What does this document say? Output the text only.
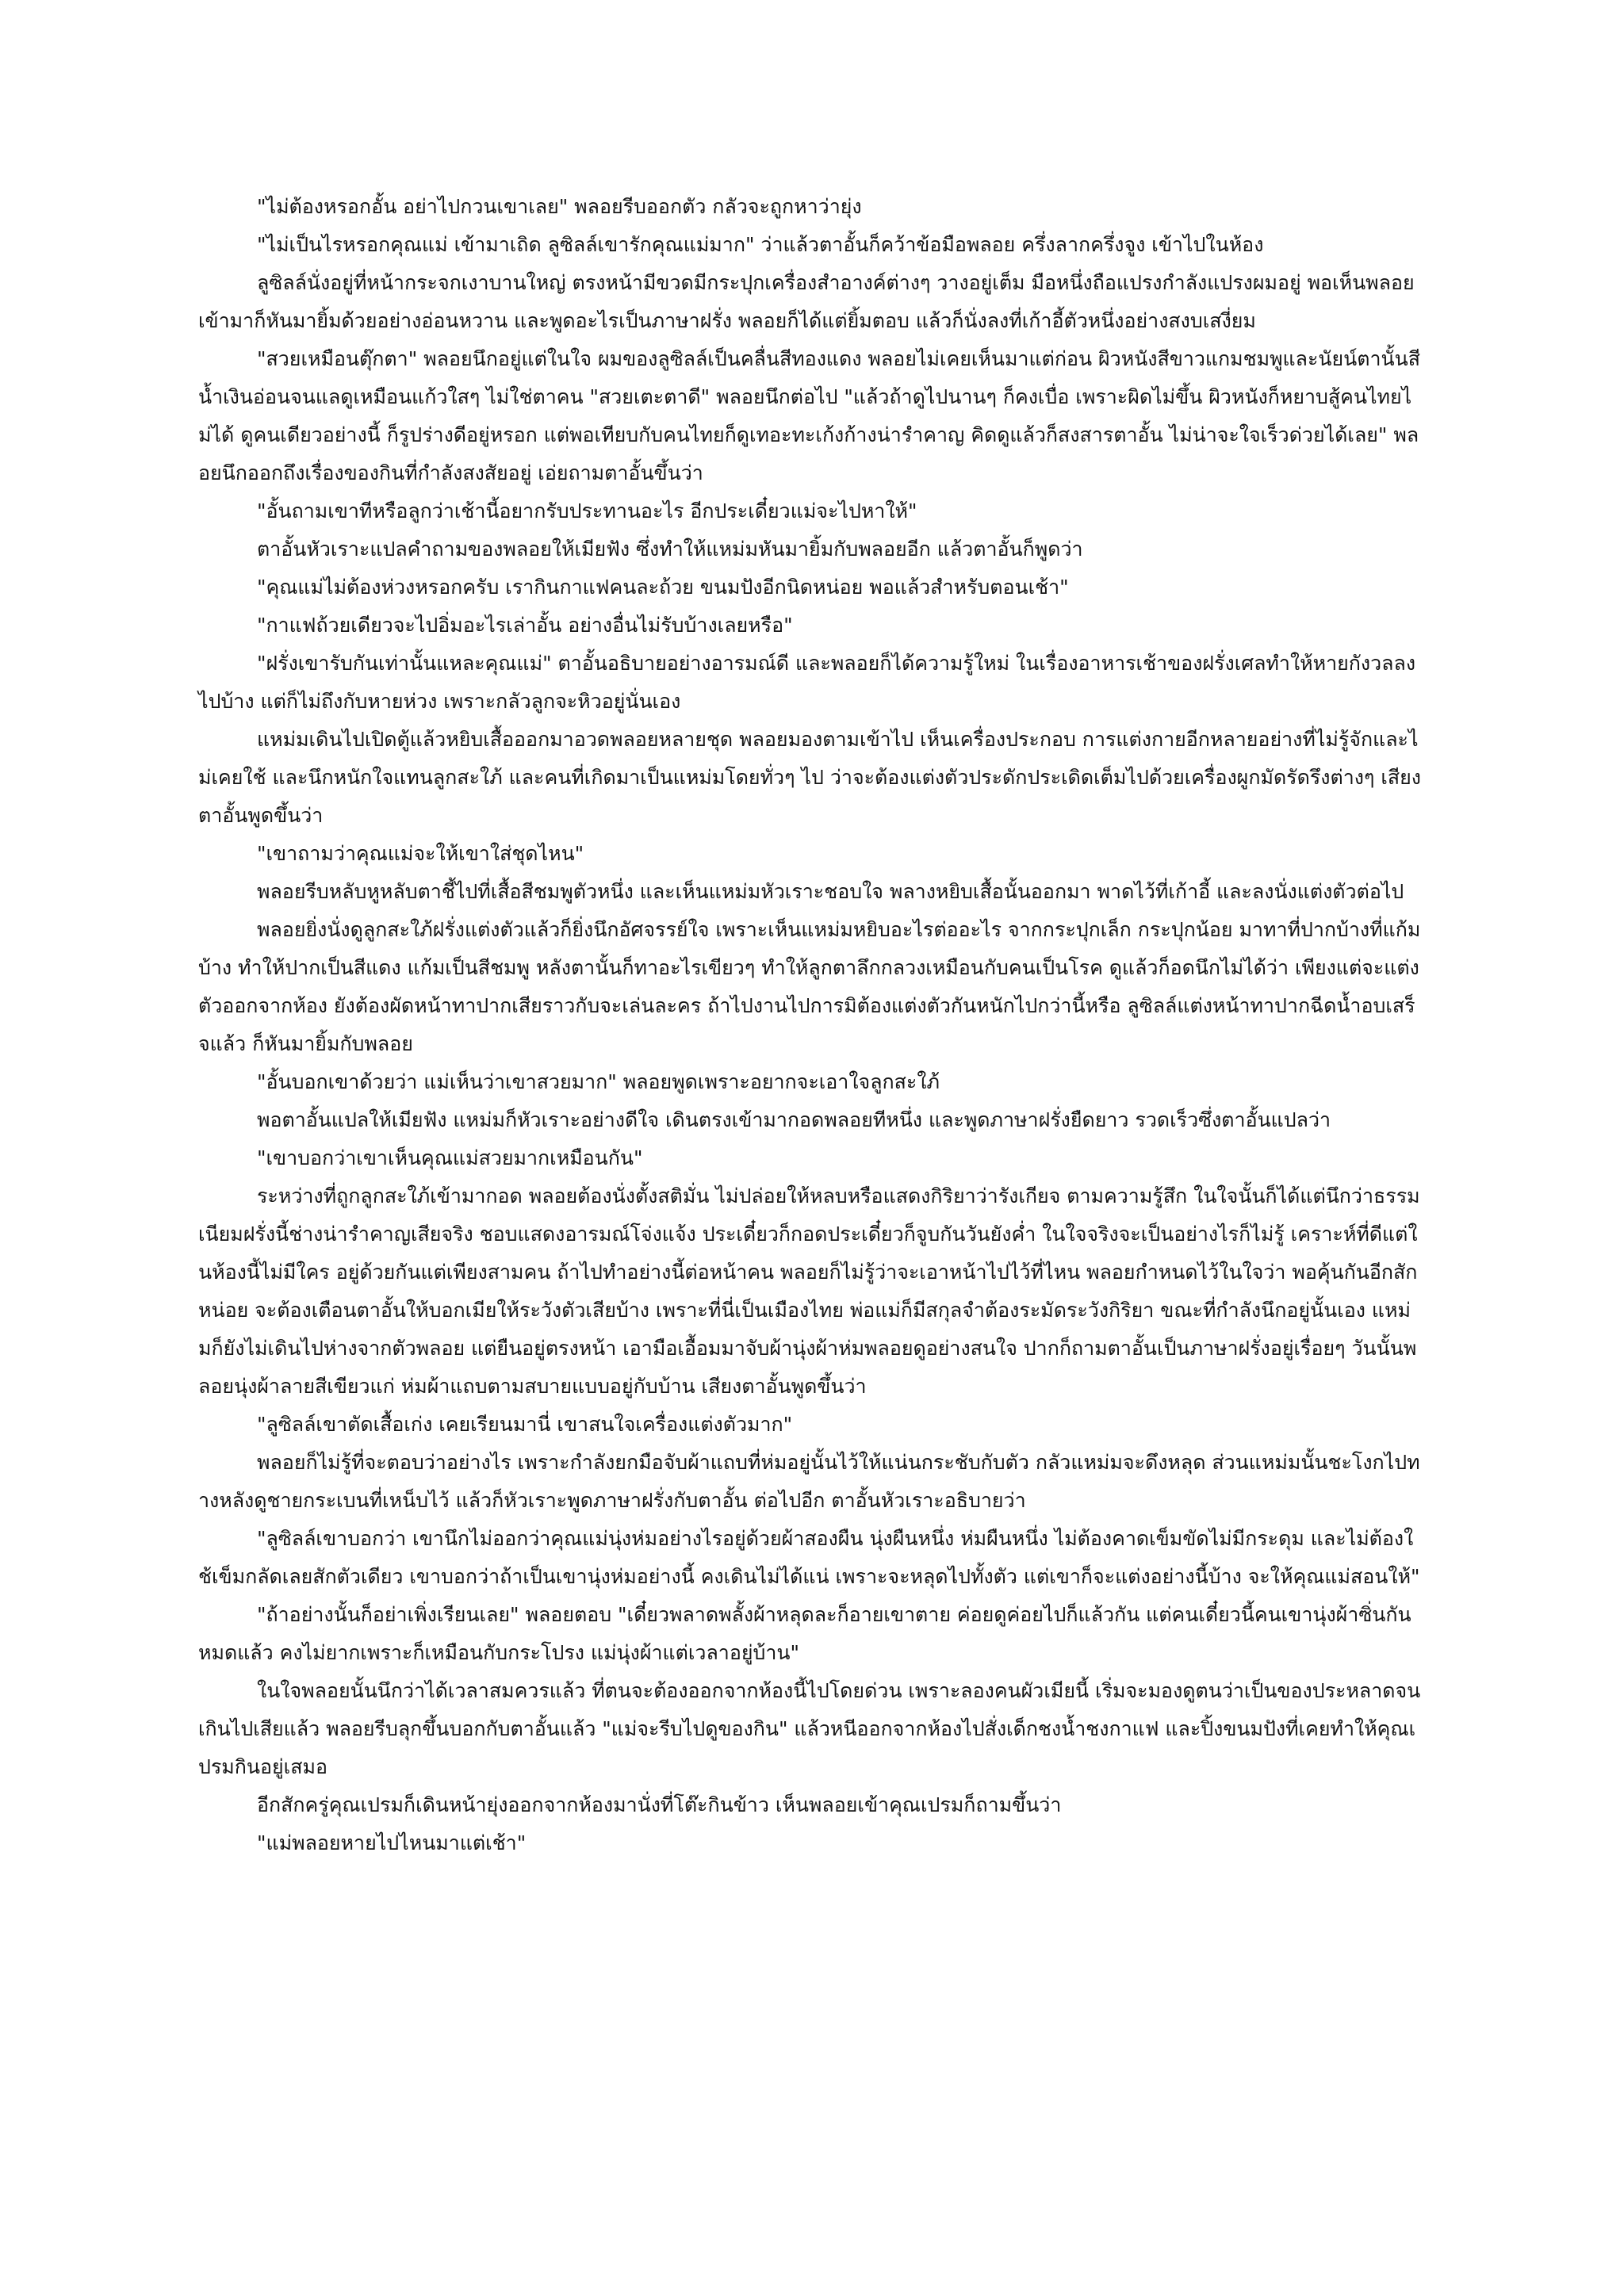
"ไม่ต้องหรอกอั้น อย่าไปกวนเขาเลย" พลอยรีบออกตัว กลัวจะถูกหาว่ายุ่ง

"ไม่เป็นไรหรอกคุณแม่ เข้ามาเถิด ลูซิลล์เขารักคุณแม่มาก" ว่าแล้วตาอั้นก็คว้าข้อมือพลอย ครึ่งลากครึ่งจูง เข้าไปในห้อง

ลูซิลล์นั่งอยู่ที่หน้ากระจกเงาบานใหญ่ ตรงหน้ามีขวดมีกระปุกเครื่องสำอางค์ต่างๆ วางอยู่เต็ม มือหนึ่งถือแปรงกำลังแปรงผมอยู่ พอเห็นพลอยเข้ามาก็หันมายิ้มด้วยอย่างอ่อนหวาน และพูดอะไรเป็นภาษาฝรั่ง พลอยก็ได้แต่ยิ้มตอบ แล้วก็นั่งลงที่เก้าอี้ตัวหนึ่งอย่างสงบเสงี่ยม

"สวยเหมือนตุ๊กตา" พลอยนึกอยู่แต่ในใจ ผมของลูซิลล์เป็นคลื่นสีทองแดง พลอยไม่เคยเห็นมาแต่ก่อน ผิวหนังสีขาวแกมชมพูและนัยน์ตานั้นสีน้ำเงินอ่อนจนแลดูเหมือนแก้วใสๆ ไม่ใช่ตาคน "สวยเตะตาดี" พลอยนึกต่อไป "แล้วถ้าดูไปนานๆ ก็คงเบื่อ เพราะผิดไม่ขึ้น ผิวหนังก็หยาบสู้คนไทยไม่ได้ ดูคนเดียวอย่างนี้ ก็รูปร่างดีอยู่หรอก แต่พอเทียบกับคนไทยก็ดูเทอะทะเก้งก้างน่ารำคาญ คิดดูแล้วก็สงสารตาอั้น ไม่น่าจะใจเร็วด่วยได้เลย" พลอยนึกออกถึงเรื่องของกินที่กำลังสงสัยอยู่ เอ่ยถามตาอั้นขึ้นว่า

"อั้นถามเขาทีหรือลูกว่าเช้านี้อยากรับประทานอะไร อีกประเดี๋ยวแม่จะไปหาให้"

ตาอั้นหัวเราะแปลคำถามของพลอยให้เมียฟัง ซึ่งทำให้แหม่มหันมายิ้มกับพลอยอีก แล้วตาอั้นก็พูดว่า

"คุณแม่ไม่ต้องห่วงหรอกครับ เรากินกาแฟคนละถ้วย ขนมปังอีกนิดหน่อย พอแล้วสำหรับตอนเช้า"

"กาแฟถ้วยเดียวจะไปอิ่มอะไรเล่าอั้น อย่างอื่นไม่รับบ้างเลยหรือ"

"ฝรั่งเขารับกันเท่านั้นแหละคุณแม่" ตาอั้นอธิบายอย่างอารมณ์ดี และพลอยก็ได้ความรู้ใหม่ ในเรื่องอาหารเช้าของฝรั่งเศลทำให้หายกังวลลงไปบ้าง แต่ก็ไม่ถึงกับหายห่วง เพราะกลัวลูกจะหิวอยู่นั่นเอง

แหม่มเดินไปเปิดตู้แล้วหยิบเสื้อออกมาอวดพลอยหลายชุด พลอยมองตามเข้าไป เห็นเครื่องประกอบ การแต่งกายอีกหลายอย่างที่ไม่รู้จักและไม่เคยใช้ และนึกหนักใจแทนลูกสะใภ้ และคนที่เกิดมาเป็นแหม่มโดยทั่วๆ ไป ว่าจะต้องแต่งตัวประดักประเดิดเต็มไปด้วยเครื่องผูกมัดรัดรึงต่างๆ เสียงตาอั้นพูดขึ้นว่า

"เขาถามว่าคุณแม่จะให้เขาใส่ชุดไหน"

พลอยรีบหลับหูหลับตาชี้ไปที่เสื้อสีชมพูตัวหนึ่ง และเห็นแหม่มหัวเราะชอบใจ พลางหยิบเสื้อนั้นออกมา พาดไว้ที่เก้าอี้ และลงนั่งแต่งตัวต่อไป

พลอยยิ่งนั่งดูลูกสะใภ้ฝรั่งแต่งตัวแล้วก็ยิ่งนึกอัศจรรย์ใจ เพราะเห็นแหม่มหยิบอะไรต่ออะไร จากกระปุกเล็ก กระปุกน้อย มาทาที่ปากบ้างที่แก้มบ้าง ทำให้ปากเป็นสีแดง แก้มเป็นสีชมพู หลังตานั้นก็ทาอะไรเขียวๆ ทำให้ลูกตาลึกกลวงเหมือนกับคนเป็นโรค ดูแล้วก็อดนึกไม่ได้ว่า เพียงแต่จะแต่งตัวออกจากห้อง ยังต้องผัดหน้าทาปากเสียราวกับจะเล่นละคร ถ้าไปงานไปการมิต้องแต่งตัวกันหนักไปกว่านี้หรือ ลูซิลล์แต่งหน้าทาปากฉีดน้ำอบเสร็จแล้ว ก็หันมายิ้มกับพลอย

"อั้นบอกเขาด้วยว่า แม่เห็นว่าเขาสวยมาก" พลอยพูดเพราะอยากจะเอาใจลูกสะใภ้

พอตาอั้นแปลให้เมียฟัง แหม่มก็หัวเราะอย่างดีใจ เดินตรงเข้ามากอดพลอยทีหนึ่ง และพูดภาษาฝรั่งยืดยาว รวดเร็วซึ่งตาอั้นแปลว่า

"เขาบอกว่าเขาเห็นคุณแม่สวยมากเหมือนกัน"

ระหว่างที่ถูกลูกสะใภ้เข้ามากอด พลอยต้องนั่งตั้งสติมั่น ไม่ปล่อยให้หลบหรือแสดงกิริยาว่ารังเกียจ ตามความรู้สึก ในใจนั้นก็ได้แต่นึกว่าธรรมเนียมฝรั่งนี้ช่างน่ารำคาญเสียจริง ชอบแสดงอารมณ์โจ่งแจ้ง ประเดี๋ยวก็กอดประเดี๋ยวก็จูบกันวันยังค่ำ ในใจจริงจะเป็นอย่างไรก็ไม่รู้ เคราะห์ที่ดีแต่ในห้องนี้ไม่มีใคร อยู่ด้วยกันแต่เพียงสามคน ถ้าไปทำอย่างนี้ต่อหน้าคน พลอยก็ไม่รู้ว่าจะเอาหน้าไปไว้ที่ไหน พลอยกำหนดไว้ในใจว่า พอคุ้นกันอีกสักหน่อย จะต้องเตือนตาอั้นให้บอกเมียให้ระวังตัวเสียบ้าง เพราะที่นี่เป็นเมืองไทย พ่อแม่ก็มีสกุลจำต้องระมัดระวังกิริยา ขณะที่กำลังนึกอยู่นั้นเอง แหม่มก็ยังไม่เดินไปห่างจากตัวพลอย แต่ยืนอยู่ตรงหน้า เอามือเอื้อมมาจับผ้านุ่งผ้าห่มพลอยดูอย่างสนใจ ปากก็ถามตาอั้นเป็นภาษาฝรั่งอยู่เรื่อยๆ วันนั้นพลอยนุ่งผ้าลายสีเขียวแก่ ห่มผ้าแถบตามสบายแบบอยู่กับบ้าน เสียงตาอั้นพูดขึ้นว่า

"ลูซิลล์เขาตัดเสื้อเก่ง เคยเรียนมานี่ เขาสนใจเครื่องแต่งตัวมาก"

พลอยก็ไม่รู้ที่จะตอบว่าอย่างไร เพราะกำลังยกมือจับผ้าแถบที่ห่มอยู่นั้นไว้ให้แน่นกระชับกับตัว กลัวแหม่มจะดึงหลุด ส่วนแหม่มนั้นชะโงกไปทางหลังดูชายกระเบนที่เหน็บไว้ แล้วก็หัวเราะพูดภาษาฝรั่งกับตาอั้น ต่อไปอีก ตาอั้นหัวเราะอธิบายว่า

"ลูซิลล์เขาบอกว่า เขานึกไม่ออกว่าคุณแม่นุ่งห่มอย่างไรอยู่ด้วยผ้าสองผืน นุ่งผืนหนึ่ง ห่มผืนหนึ่ง ไม่ต้องคาดเข็มขัดไม่มีกระดุม และไม่ต้องใช้เข็มกลัดเลยสักตัวเดียว เขาบอกว่าถ้าเป็นเขานุ่งห่มอย่างนี้ คงเดินไม่ได้แน่ เพราะจะหลุดไปทั้งตัว แต่เขาก็จะแต่งอย่างนี้บ้าง จะให้คุณแม่สอนให้"

"ถ้าอย่างนั้นก็อย่าเพิ่งเรียนเลย" พลอยตอบ "เดี๋ยวพลาดพลั้งผ้าหลุดละก็อายเขาตาย ค่อยดูค่อยไปก็แล้วกัน แต่คนเดี๋ยวนี้คนเขานุ่งผ้าซิ่นกันหมดแล้ว คงไม่ยากเพราะก็เหมือนกับกระโปรง แม่นุ่งผ้าแต่เวลาอยู่บ้าน"

ในใจพลอยนั้นนึกว่าได้เวลาสมควรแล้ว ที่ตนจะต้องออกจากห้องนี้ไปโดยด่วน เพราะลองคนผัวเมียนี้ เริ่มจะมองดูตนว่าเป็นของประหลาดจนเกินไปเสียแล้ว พลอยรีบลุกขึ้นบอกกับตาอั้นแล้ว "แม่จะรีบไปดูของกิน" แล้วหนีออกจากห้องไปสั่งเด็กชงน้ำชงกาแฟ และปิ้งขนมปังที่เคยทำให้คุณเปรมกินอยู่เสมอ

อีกสักครู่คุณเปรมก็เดินหน้ายุ่งออกจากห้องมานั่งที่โต๊ะกินข้าว เห็นพลอยเข้าคุณเปรมก็ถามขึ้นว่า

"แม่พลอยหายไปไหนมาแต่เช้า"
